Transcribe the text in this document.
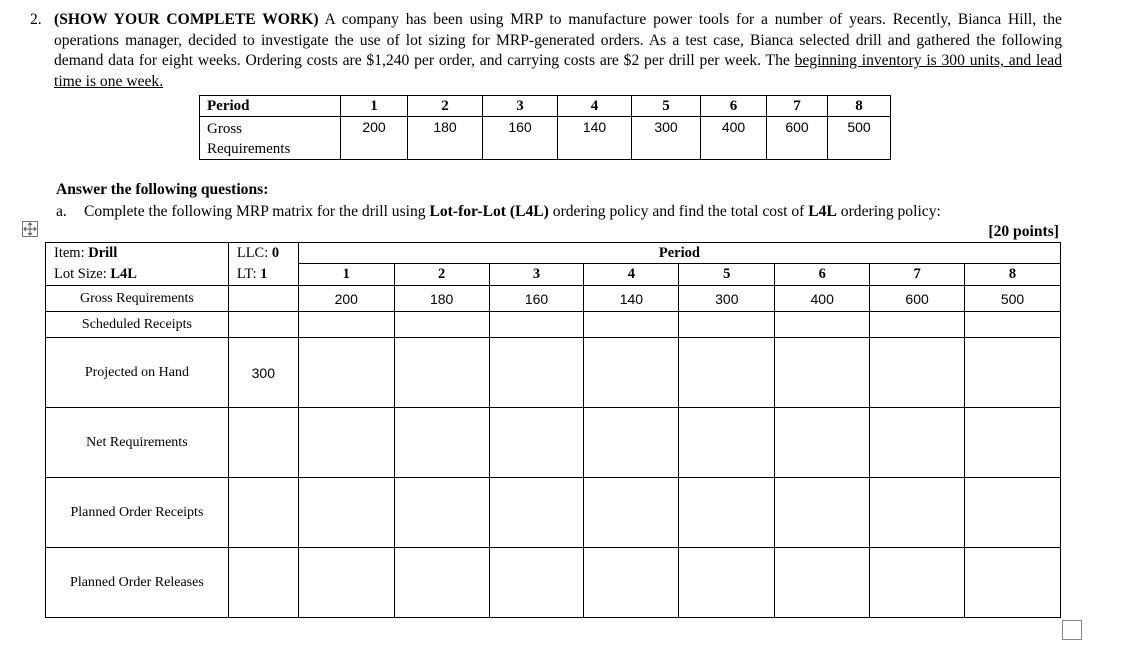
2. (SHOW YOUR COMPLETE WORK) A company has been using MRP to manufacture power tools for a number of years. Recently, Bianca Hill, the operations manager, decided to investigate the use of lot sizing for MRP-generated orders. As a test case, Bianca selected drill and gathered the following demand data for eight weeks. Ordering costs are $1,240 per order, and carrying costs are $2 per drill per week. The beginning inventory is 300 units, and lead time is one week.
Period	1	2	3	4	5	6	7	8
Gross
Requirements	200	180	160	140	300	400	600	500
Answer the following questions:
a. Complete the following MRP matrix for the drill using Lot-for-Lot (L4L) ordering policy and find the total cost of L4L ordering policy:
[20 points]
Item: Drill	LLC: 0	Period							
Lot Size: L4L	LT: 1	1	2	3	4	5	6	7	8
Gross Requirements		200	180	160	140	300	400	600	500
Scheduled Receipts									
Projected on Hand	300								
Net Requirements									
Planned Order Receipts									
Planned Order Releases									
